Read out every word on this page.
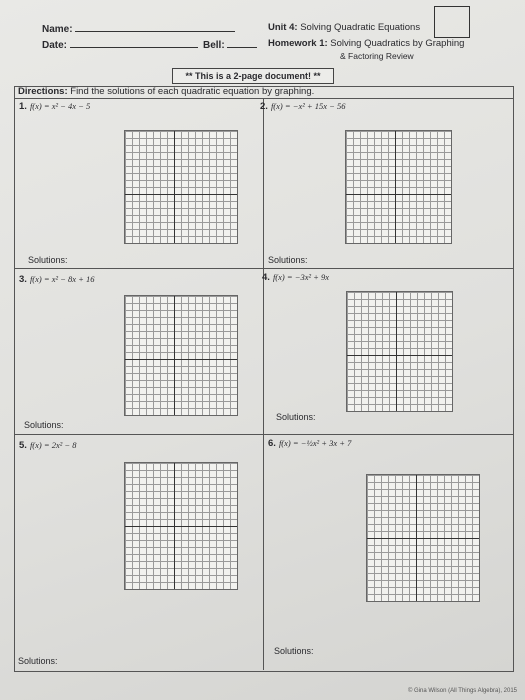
Name:
Date:	Bell:
Unit 4: Solving Quadratic Equations
Homework 1: Solving Quadratics by Graphing
& Factoring Review
** This is a 2-page document! **
Directions: Find the solutions of each quadratic equation by graphing.
1. f(x) = x² − 4x − 5
Solutions:
2. f(x) = −x² + 15x − 56
Solutions:
3. f(x) = x² − 8x + 16
Solutions:
4. f(x) = −3x² + 9x
Solutions:
5. f(x) = 2x² − 8
Solutions:
6. f(x) = −½x² + 3x + 7
Solutions:
© Gina Wilson (All Things Algebra), 2015
